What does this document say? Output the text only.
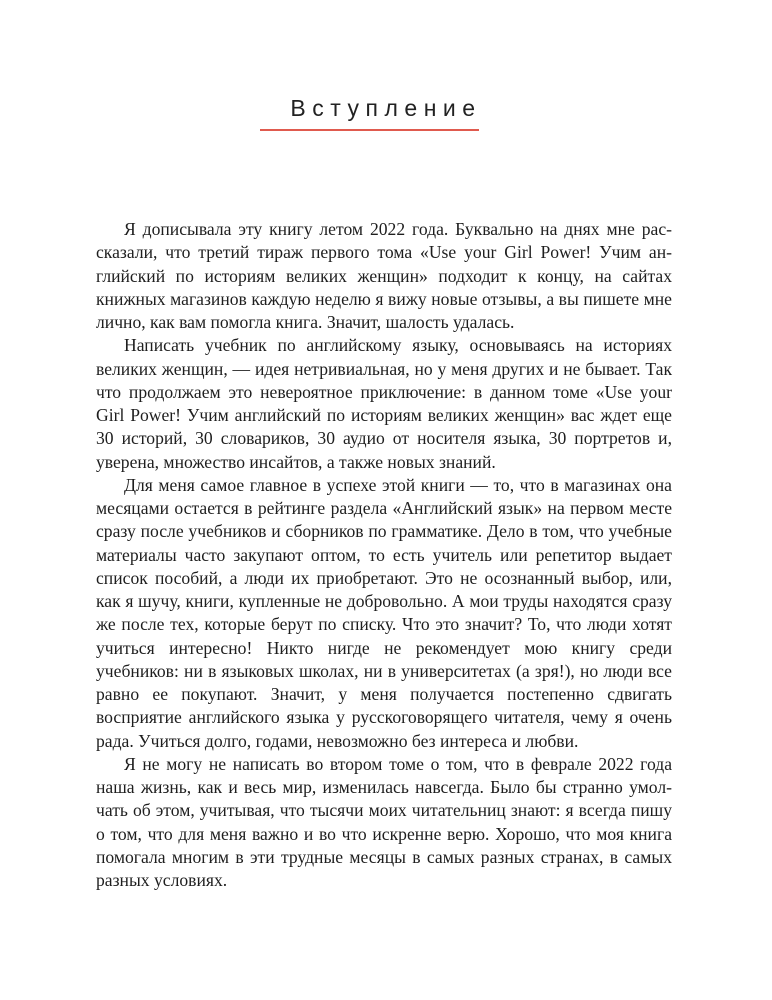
Вступление

Я дописывала эту книгу летом 2022 года. Буквально на днях мне рассказали, что третий тираж первого тома «Use your Girl Power! Учим английский по историям великих женщин» подходит к концу, на сайтах книжных магазинов каждую неделю я вижу новые отзывы, а вы пишете мне лично, как вам помогла книга. Значит, шалость удалась.

Написать учебник по английскому языку, основываясь на историях великих женщин, — идея нетривиальная, но у меня других и не бывает. Так что продолжаем это невероятное приключение: в данном томе «Use your Girl Power! Учим английский по историям великих женщин» вас ждет еще 30 историй, 30 словариков, 30 аудио от носителя языка, 30 портретов и, уверена, множество инсайтов, а также новых знаний.

Для меня самое главное в успехе этой книги — то, что в магазинах она месяцами остается в рейтинге раздела «Английский язык» на первом месте сразу после учебников и сборников по грамматике. Дело в том, что учебные материалы часто закупают оптом, то есть учитель или репетитор выдает список пособий, а люди их приобретают. Это не осознанный выбор, или, как я шучу, книги, купленные не добровольно. А мои труды находятся сразу же после тех, которые берут по списку. Что это значит? То, что люди хотят учиться интересно! Никто нигде не рекомендует мою книгу среди учебников: ни в языковых школах, ни в университетах (а зря!), но люди все равно ее покупают. Значит, у меня получается постепенно сдвигать восприятие английского языка у русскоговорящего читателя, чему я очень рада. Учиться долго, годами, невозможно без интереса и любви.

Я не могу не написать во втором томе о том, что в феврале 2022 года наша жизнь, как и весь мир, изменилась навсегда. Было бы странно умолчать об этом, учитывая, что тысячи моих читательниц знают: я всегда пишу о том, что для меня важно и во что искренне верю. Хорошо, что моя книга помогала многим в эти трудные месяцы в самых разных странах, в самых разных условиях.
